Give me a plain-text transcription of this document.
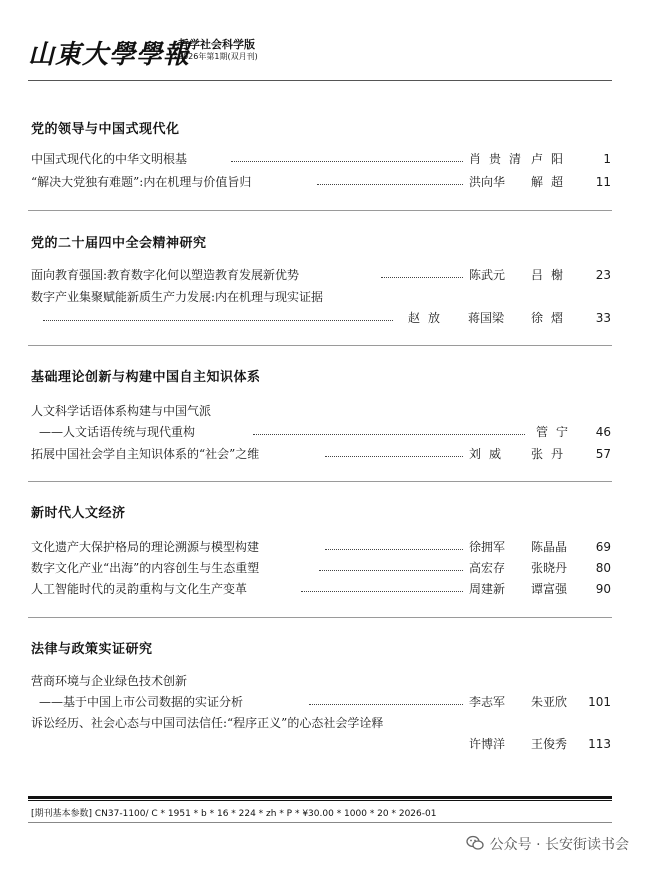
山東大學學報
哲学社会科学版
2026年第1期(双月刊)
党的领导与中国式现代化
中国式现代化的中华文明根基	肖贵清 卢阳	1
“解决大党独有难题”:内在机理与价值旨归	洪向华 解超 11
党的二十届四中全会精神研究
面向教育强国:教育数字化何以塑造教育发展新优势	陈武元 吕榭 23
数字产业集聚赋能新质生产力发展:内在机理与现实证据
赵放 蒋国梁 徐熠 33
基础理论创新与构建中国自主知识体系
人文科学话语体系构建与中国气派
——人文话语传统与现代重构	管宁 46
拓展中国社会学自主知识体系的“社会”之维	刘威 张丹 57
新时代人文经济
文化遗产大保护格局的理论溯源与模型构建	徐拥军 陈晶晶 69
数字文化产业“出海”的内容创生与生态重塑	高宏存 张晓丹 80
人工智能时代的灵韵重构与文化生产变革	周建新 谭富强 90
法律与政策实证研究
营商环境与企业绿色技术创新
——基于中国上市公司数据的实证分析	李志军 朱亚欣 101
诉讼经历、社会心态与中国司法信任:“程序正义”的心态社会学诠释
许博洋 王俊秀 113
[期刊基本参数] CN37-1100/ C * 1951 * b * 16 * 224 * zh * P * ¥30.00 * 1000 * 20 * 2026-01
公众号 · 长安街读书会
